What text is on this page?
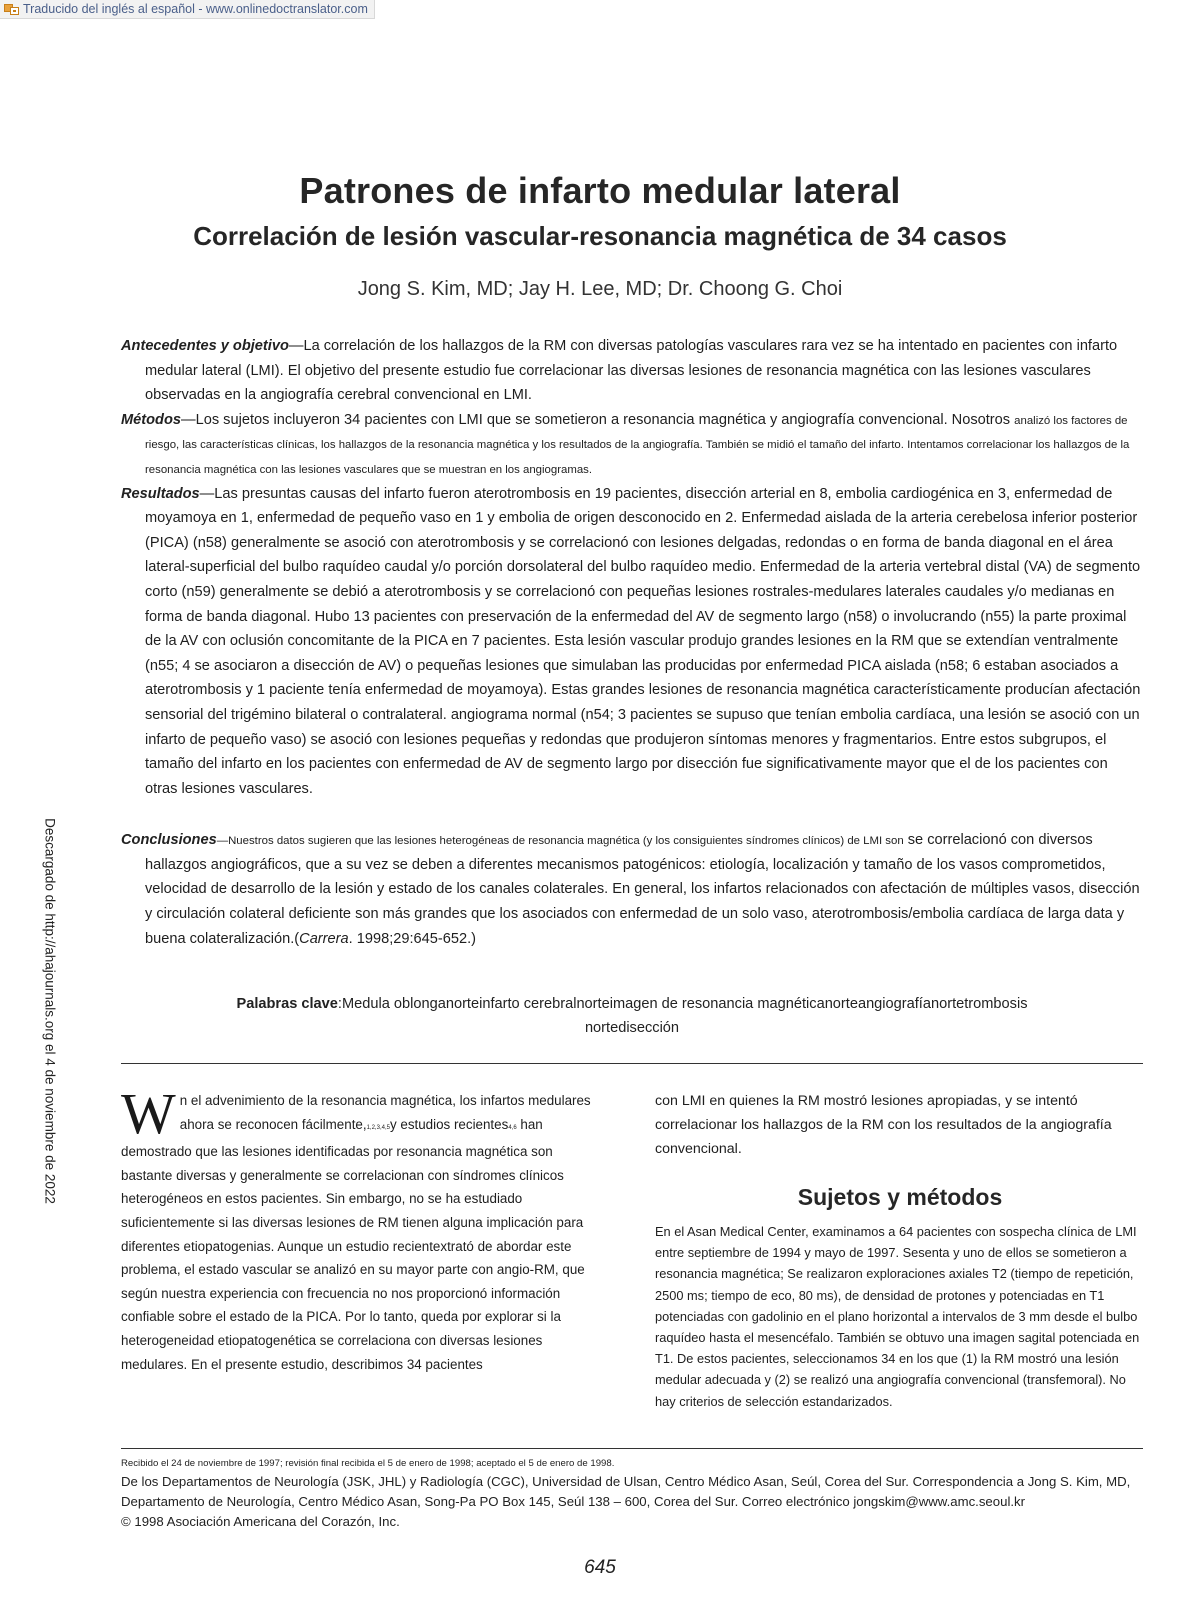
Traducido del inglés al español - www.onlinedoctranslator.com
Descargado de http://ahajournals.org el 4 de noviembre de 2022
Patrones de infarto medular lateral
Correlación de lesión vascular-resonancia magnética de 34 casos
Jong S. Kim, MD; Jay H. Lee, MD; Dr. Choong G. Choi

Antecedentes y objetivo—La correlación de los hallazgos de la RM con diversas patologías vasculares rara vez se ha intentado en pacientes con infarto medular lateral (LMI). El objetivo del presente estudio fue correlacionar las diversas lesiones de resonancia magnética con las lesiones vasculares observadas en la angiografía cerebral convencional en LMI.

Métodos—Los sujetos incluyeron 34 pacientes con LMI que se sometieron a resonancia magnética y angiografía convencional. Nosotros analizó los factores de riesgo, las características clínicas, los hallazgos de la resonancia magnética y los resultados de la angiografía. También se midió el tamaño del infarto. Intentamos correlacionar los hallazgos de la resonancia magnética con las lesiones vasculares que se muestran en los angiogramas.

Resultados—Las presuntas causas del infarto fueron aterotrombosis en 19 pacientes, disección arterial en 8, embolia cardiogénica en 3, enfermedad de moyamoya en 1, enfermedad de pequeño vaso en 1 y embolia de origen desconocido en 2. Enfermedad aislada de la arteria cerebelosa inferior posterior (PICA) (n58) generalmente se asoció con aterotrombosis y se correlacionó con lesiones delgadas, redondas o en forma de banda diagonal en el área lateral-superficial del bulbo raquídeo caudal y/o porción dorsolateral del bulbo raquídeo medio. Enfermedad de la arteria vertebral distal (VA) de segmento corto (n59) generalmente se debió a aterotrombosis y se correlacionó con pequeñas lesiones rostrales-medulares laterales caudales y/o medianas en forma de banda diagonal. Hubo 13 pacientes con preservación de la enfermedad del AV de segmento largo (n58) o involucrando (n55) la parte proximal de la AV con oclusión concomitante de la PICA en 7 pacientes. Esta lesión vascular produjo grandes lesiones en la RM que se extendían ventralmente (n55; 4 se asociaron a disección de AV) o pequeñas lesiones que simulaban las producidas por enfermedad PICA aislada (n58; 6 estaban asociados a aterotrombosis y 1 paciente tenía enfermedad de moyamoya). Estas grandes lesiones de resonancia magnética característicamente producían afectación sensorial del trigémino bilateral o contralateral. angiograma normal (n54; 3 pacientes se supuso que tenían embolia cardíaca, una lesión se asoció con un infarto de pequeño vaso) se asoció con lesiones pequeñas y redondas que produjeron síntomas menores y fragmentarios. Entre estos subgrupos, el tamaño del infarto en los pacientes con enfermedad de AV de segmento largo por disección fue significativamente mayor que el de los pacientes con otras lesiones vasculares.

Conclusiones—Nuestros datos sugieren que las lesiones heterogéneas de resonancia magnética (y los consiguientes síndromes clínicos) de LMI son se correlacionó con diversos hallazgos angiográficos, que a su vez se deben a diferentes mecanismos patogénicos: etiología, localización y tamaño de los vasos comprometidos, velocidad de desarrollo de la lesión y estado de los canales colaterales. En general, los infartos relacionados con afectación de múltiples vasos, disección y circulación colateral deficiente son más grandes que los asociados con enfermedad de un solo vaso, aterotrombosis/embolia cardíaca de larga data y buena colateralización.(Carrera. 1998;29:645-652.)

Palabras clave:Medula oblonganorteinfarto cerebralnorteimagen de resonancia magnéticanorteangiografíanortetrombosis
nortedisección

Wn el advenimiento de la resonancia magnética, los infartos medulares ahora se reconocen fácilmente,1,2,3,4,5y estudios recientes4,6 han demostrado que las lesiones identificadas por resonancia magnética son bastante diversas y generalmente se correlacionan con síndromes clínicos heterogéneos en estos pacientes. Sin embargo, no se ha estudiado suficientemente si las diversas lesiones de RM tienen alguna implicación para diferentes etiopatogenias. Aunque un estudio recientextrató de abordar este problema, el estado vascular se analizó en su mayor parte con angio-RM, que según nuestra experiencia con frecuencia no nos proporcionó información confiable sobre el estado de la PICA. Por lo tanto, queda por explorar si la heterogeneidad etiopatogenética se correlaciona con diversas lesiones medulares. En el presente estudio, describimos 34 pacientes

con LMI en quienes la RM mostró lesiones apropiadas, y se intentó correlacionar los hallazgos de la RM con los resultados de la angiografía convencional.

Sujetos y métodos

En el Asan Medical Center, examinamos a 64 pacientes con sospecha clínica de LMI entre septiembre de 1994 y mayo de 1997. Sesenta y uno de ellos se sometieron a resonancia magnética; Se realizaron exploraciones axiales T2 (tiempo de repetición, 2500 ms; tiempo de eco, 80 ms), de densidad de protones y potenciadas en T1 potenciadas con gadolinio en el plano horizontal a intervalos de 3 mm desde el bulbo raquídeo hasta el mesencéfalo. También se obtuvo una imagen sagital potenciada en T1. De estos pacientes, seleccionamos 34 en los que (1) la RM mostró una lesión medular adecuada y (2) se realizó una angiografía convencional (transfemoral). No hay criterios de selección estandarizados.

Recibido el 24 de noviembre de 1997; revisión final recibida el 5 de enero de 1998; aceptado el 5 de enero de 1998.
De los Departamentos de Neurología (JSK, JHL) y Radiología (CGC), Universidad de Ulsan, Centro Médico Asan, Seúl, Corea del Sur. Correspondencia a Jong S. Kim, MD, Departamento de Neurología, Centro Médico Asan, Song-Pa PO Box 145, Seúl 138 – 600, Corea del Sur. Correo electrónico jongskim@www.amc.seoul.kr
© 1998 Asociación Americana del Corazón, Inc.
645
